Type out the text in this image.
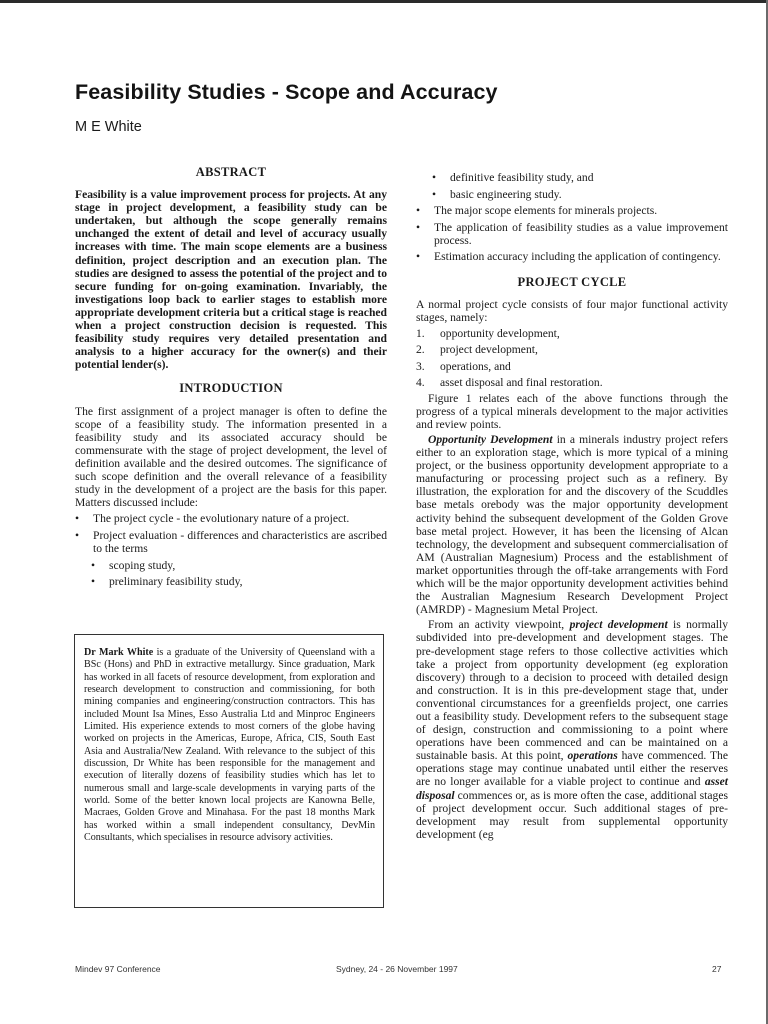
Feasibility Studies - Scope and Accuracy
M E White
ABSTRACT

Feasibility is a value improvement process for projects. At any stage in project development, a feasibility study can be undertaken, but although the scope generally remains unchanged the extent of detail and level of accuracy usually increases with time. The main scope elements are a business definition, project description and an execution plan. The studies are designed to assess the potential of the project and to secure funding for on-going examination. Invariably, the investigations loop back to earlier stages to establish more appropriate development criteria but a critical stage is reached when a project construction decision is requested. This feasibility study requires very detailed presentation and analysis to a higher accuracy for the owner(s) and their potential lender(s).

INTRODUCTION

The first assignment of a project manager is often to define the scope of a feasibility study. The information presented in a feasibility study and its associated accuracy should be commensurate with the stage of project development, the level of definition available and the desired outcomes. The significance of such scope definition and the overall relevance of a feasibility study in the development of a project are the basis for this paper. Matters discussed include:

• The project cycle - the evolutionary nature of a project.
• Project evaluation - differences and characteristics are ascribed to the terms
• scoping study,
• preliminary feasibility study,

Dr Mark White is a graduate of the University of Queensland with a BSc (Hons) and PhD in extractive metallurgy. Since graduation, Mark has worked in all facets of resource development, from exploration and research development to construction and commissioning, for both mining companies and engineering/construction contractors. This has included Mount Isa Mines, Esso Australia Ltd and Minproc Engineers Limited. His experience extends to most corners of the globe having worked on projects in the Americas, Europe, Africa, CIS, South East Asia and Australia/New Zealand. With relevance to the subject of this discussion, Dr White has been responsible for the management and execution of literally dozens of feasibility studies which has let to numerous small and large-scale developments in varying parts of the world. Some of the better known local projects are Kanowna Belle, Macraes, Golden Grove and Minahasa. For the past 18 months Mark has worked within a small independent consultancy, DevMin Consultants, which specialises in resource advisory activities.

• definitive feasibility study, and
• basic engineering study.
• The major scope elements for minerals projects.
• The application of feasibility studies as a value improvement process.
• Estimation accuracy including the application of contingency.
PROJECT CYCLE

A normal project cycle consists of four major functional activity stages, namely:

1. opportunity development,
2. project development,
3. operations, and
4. asset disposal and final restoration.

Figure 1 relates each of the above functions through the progress of a typical minerals development to the major activities and review points.

Opportunity Development in a minerals industry project refers either to an exploration stage, which is more typical of a mining project, or the business opportunity development appropriate to a manufacturing or processing project such as a refinery. By illustration, the exploration for and the discovery of the Scuddles base metals orebody was the major opportunity development activity behind the subsequent development of the Golden Grove base metal project. However, it has been the licensing of Alcan technology, the development and subsequent commercialisation of AM (Australian Magnesium) Process and the establishment of market opportunities through the off-take arrangements with Ford which will be the major opportunity development activities behind the Australian Magnesium Research Development Project (AMRDP) - Magnesium Metal Project.

From an activity viewpoint, project development is normally subdivided into pre-development and development stages. The pre-development stage refers to those collective activities which take a project from opportunity development (eg exploration discovery) through to a decision to proceed with detailed design and construction. It is in this pre-development stage that, under conventional circumstances for a greenfields project, one carries out a feasibility study. Development refers to the subsequent stage of design, construction and commissioning to a point where operations have been commenced and can be maintained on a sustainable basis. At this point, operations have commenced. The operations stage may continue unabated until either the reserves are no longer available for a viable project to continue and asset disposal commences or, as is more often the case, additional stages of project development occur. Such additional stages of pre-development may result from supplemental opportunity development (eg

Mindev 97 Conference	Sydney, 24 - 26 November 1997	27
